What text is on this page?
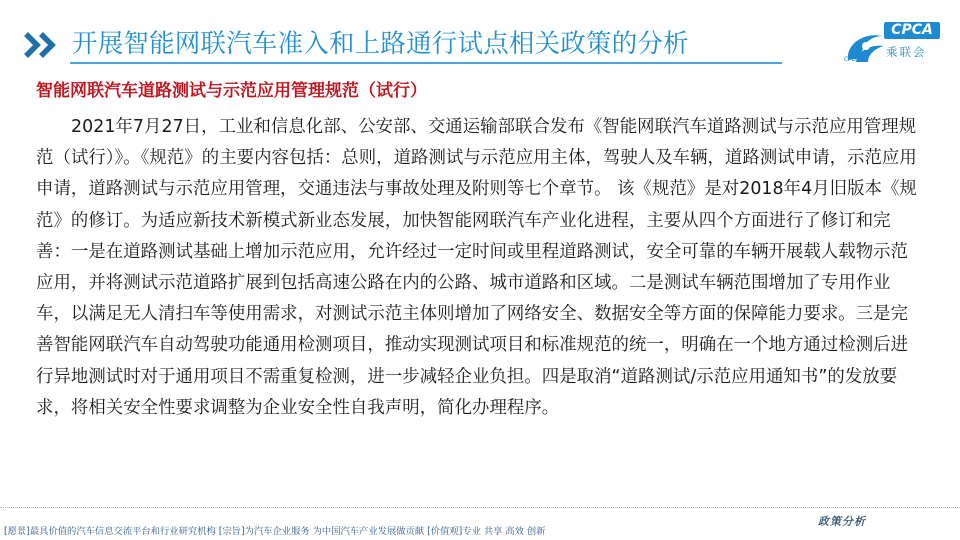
开展智能网联汽车准入和上路通行试点相关政策的分析	CPCA
乘联会
CPDA
智能网联汽车道路测试与示范应用管理规范（试行）
2021年7月27日，工业和信息化部、公安部、交通运输部联合发布《智能网联汽车道路测试与示范应用管理规范（试行）》。《规范》的主要内容包括：总则，道路测试与示范应用主体，驾驶人及车辆，道路测试申请，示范应用申请，道路测试与示范应用管理，交通违法与事故处理及附则等七个章节。 该《规范》是对2018年4月旧版本《规范》的修订。为适应新技术新模式新业态发展，加快智能网联汽车产业化进程，主要从四个方面进行了修订和完善：一是在道路测试基础上增加示范应用，允许经过一定时间或里程道路测试，安全可靠的车辆开展载人载物示范应用，并将测试示范道路扩展到包括高速公路在内的公路、城市道路和区域。二是测试车辆范围增加了专用作业车，以满足无人清扫车等使用需求，对测试示范主体则增加了网络安全、数据安全等方面的保障能力要求。三是完善智能网联汽车自动驾驶功能通用检测项目，推动实现测试项目和标准规范的统一，明确在一个地方通过检测后进行异地测试时对于通用项目不需重复检测，进一步减轻企业负担。四是取消“道路测试/示范应用通知书”的发放要求，将相关安全性要求调整为企业安全性自我声明，简化办理程序。
政策分析
[愿景]最具价值的汽车信息交流平台和行业研究机构 [宗旨]为汽车企业服务 为中国汽车产业发展做贡献 [价值观]专业 共享 高效 创新
